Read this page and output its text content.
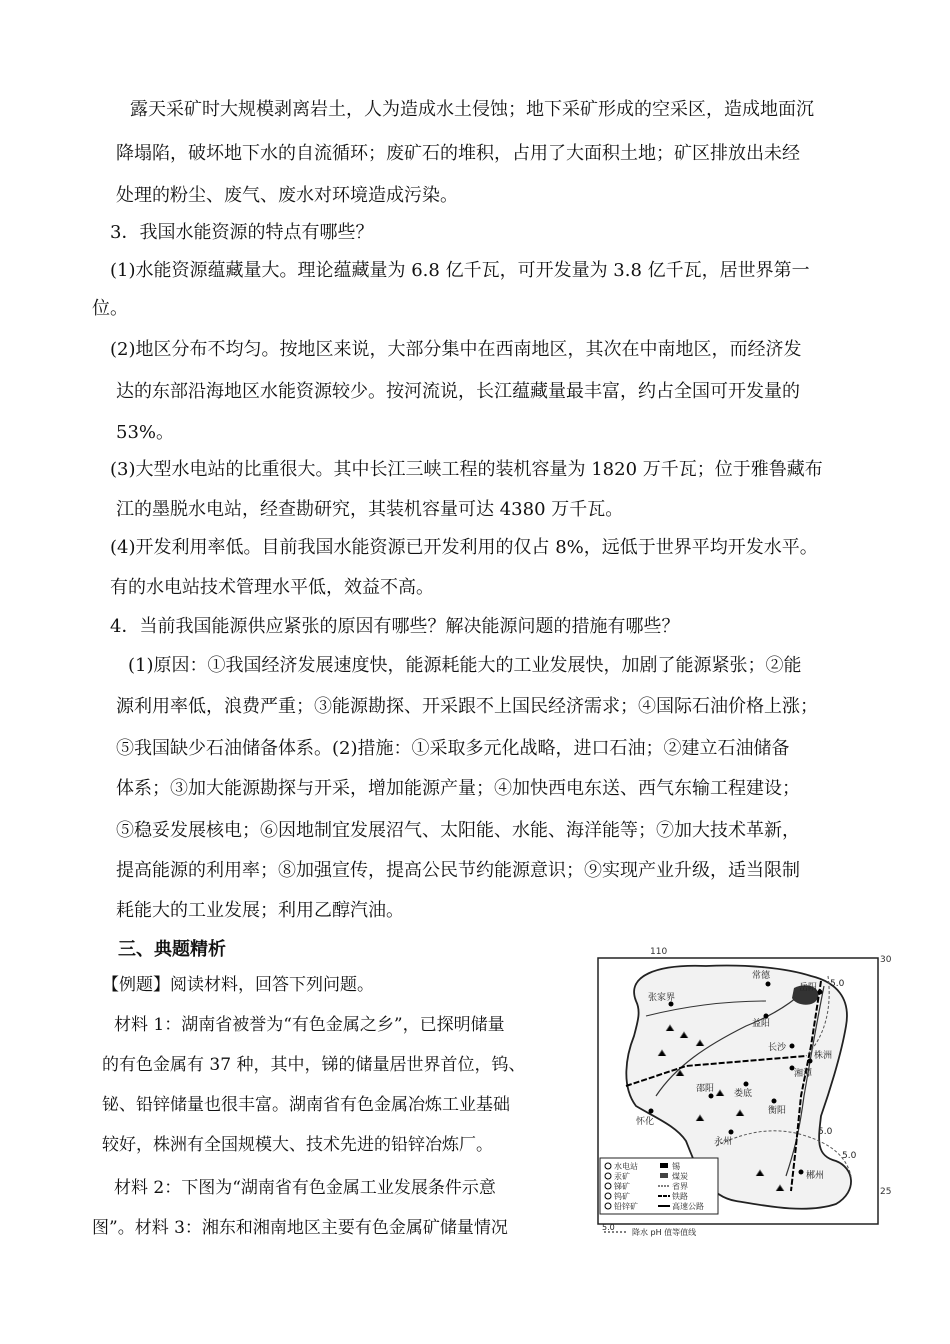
露天采矿时大规模剥离岩土，人为造成水土侵蚀；地下采矿形成的空采区，造成地面沉
降塌陷，破坏地下水的自流循环；废矿石的堆积，占用了大面积土地；矿区排放出未经
处理的粉尘、废气、废水对环境造成污染。
3．我国水能资源的特点有哪些？
(1)水能资源蕴藏量大。理论蕴藏量为 6.8 亿千瓦，可开发量为 3.8 亿千瓦，居世界第一
位。
(2)地区分布不均匀。按地区来说，大部分集中在西南地区，其次在中南地区，而经济发
达的东部沿海地区水能资源较少。按河流说，长江蕴藏量最丰富，约占全国可开发量的
53%。
(3)大型水电站的比重很大。其中长江三峡工程的装机容量为 1820 万千瓦；位于雅鲁藏布
江的墨脱水电站，经查勘研究，其装机容量可达 4380 万千瓦。
(4)开发利用率低。目前我国水能资源已开发利用的仅占 8%，远低于世界平均开发水平。
有的水电站技术管理水平低，效益不高。
4．当前我国能源供应紧张的原因有哪些？解决能源问题的措施有哪些？
(1)原因：①我国经济发展速度快，能源耗能大的工业发展快，加剧了能源紧张；②能
源利用率低，浪费严重；③能源勘探、开采跟不上国民经济需求；④国际石油价格上涨；
⑤我国缺少石油储备体系。(2)措施：①采取多元化战略，进口石油；②建立石油储备
体系；③加大能源勘探与开采，增加能源产量；④加快西电东送、西气东输工程建设；
⑤稳妥发展核电；⑥因地制宜发展沼气、太阳能、水能、海洋能等；⑦加大技术革新，
提高能源的利用率；⑧加强宣传，提高公民节约能源意识；⑨实现产业升级，适当限制
耗能大的工业发展；利用乙醇汽油。
三、典题精析
【例题】阅读材料，回答下列问题。
材料 1：湖南省被誉为“有色金属之乡”，已探明储量
的有色金属有 37 种，其中，锑的储量居世界首位，钨、
铋、铅锌储量也很丰富。湖南省有色金属冶炼工业基础
较好，株洲有全国规模大、技术先进的铅锌冶炼厂。
材料 2：下图为“湖南省有色金属工业发展条件示意
图”。材料 3：湘东和湘南地区主要有色金属矿储量情况
110
30
25
5.0
5.0
5.0
岳阳
常德
张家界
益阳
长沙
株洲
湘潭
娄底
邵阳
怀化
衡阳
永州
郴州
水电站	锡
汞矿	煤炭
锑矿	省界
钨矿	铁路
铅锌矿	高速公路
5.0
降水 pH 值等值线
